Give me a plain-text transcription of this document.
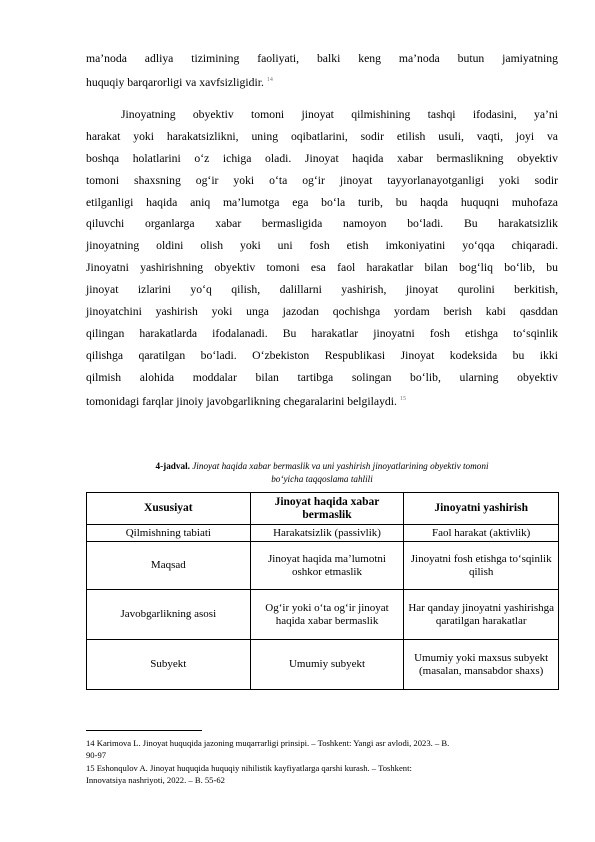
ma’noda adliya tizimining faoliyati, balki keng ma’noda butun jamiyatning
huquqiy barqarorligi va xavfsizligidir. $^{14}$
Jinoyatning obyektiv tomoni jinoyat qilmishining tashqi ifodasini, ya’ni
harakat yoki harakatsizlikni, uning oqibatlarini, sodir etilish usuli, vaqti, joyi va
boshqa holatlarini o‘z ichiga oladi. Jinoyat haqida xabar bermaslikning obyektiv
tomoni shaxsning og‘ir yoki o‘ta og‘ir jinoyat tayyorlanayotganligi yoki sodir
etilganligi haqida aniq ma’lumotga ega bo‘la turib, bu haqda huquqni muhofaza
qiluvchi organlarga xabar bermasligida namoyon bo‘ladi. Bu harakatsizlik
jinoyatning oldini olish yoki uni fosh etish imkoniyatini yo‘qqa chiqaradi.
Jinoyatni yashirishning obyektiv tomoni esa faol harakatlar bilan bog‘liq bo‘lib, bu
jinoyat izlarini yo‘q qilish, dalillarni yashirish, jinoyat qurolini berkitish,
jinoyatchini yashirish yoki unga jazodan qochishga yordam berish kabi qasddan
qilingan harakatlarda ifodalanadi. Bu harakatlar jinoyatni fosh etishga to‘sqinlik
qilishga qaratilgan bo‘ladi. O‘zbekiston Respublikasi Jinoyat kodeksida bu ikki
qilmish alohida moddalar bilan tartibga solingan bo‘lib, ularning obyektiv
tomonidagi farqlar jinoiy javobgarlikning chegaralarini belgilaydi. $^{15}$
4-jadval. Jinoyat haqida xabar bermaslik va uni yashirish jinoyatlarining obyektiv tomoni
bo‘yicha taqqoslama tahlili
Xususiyat	Jinoyat haqida xabar bermaslik	Jinoyatni yashirish
Qilmishning tabiati	Harakatsizlik (passivlik)	Faol harakat (aktivlik)
Maqsad	Jinoyat haqida ma’lumotni oshkor etmaslik	Jinoyatni fosh etishga to‘sqinlik qilish
Javobgarlikning asosi	Og‘ir yoki o‘ta og‘ir jinoyat haqida xabar bermaslik	Har qanday jinoyatni yashirishga qaratilgan harakatlar
Subyekt	Umumiy subyekt	Umumiy yoki maxsus subyekt (masalan, mansabdor shaxs)
14 Karimova L. Jinoyat huquqida jazoning muqarrarligi prinsipi. – Toshkent: Yangi asr avlodi, 2023. – B.
90-97
15 Eshonqulov A. Jinoyat huquqida huquqiy nihilistik kayfiyatlarga qarshi kurash. – Toshkent:
Innovatsiya nashriyoti, 2022. – B. 55-62
